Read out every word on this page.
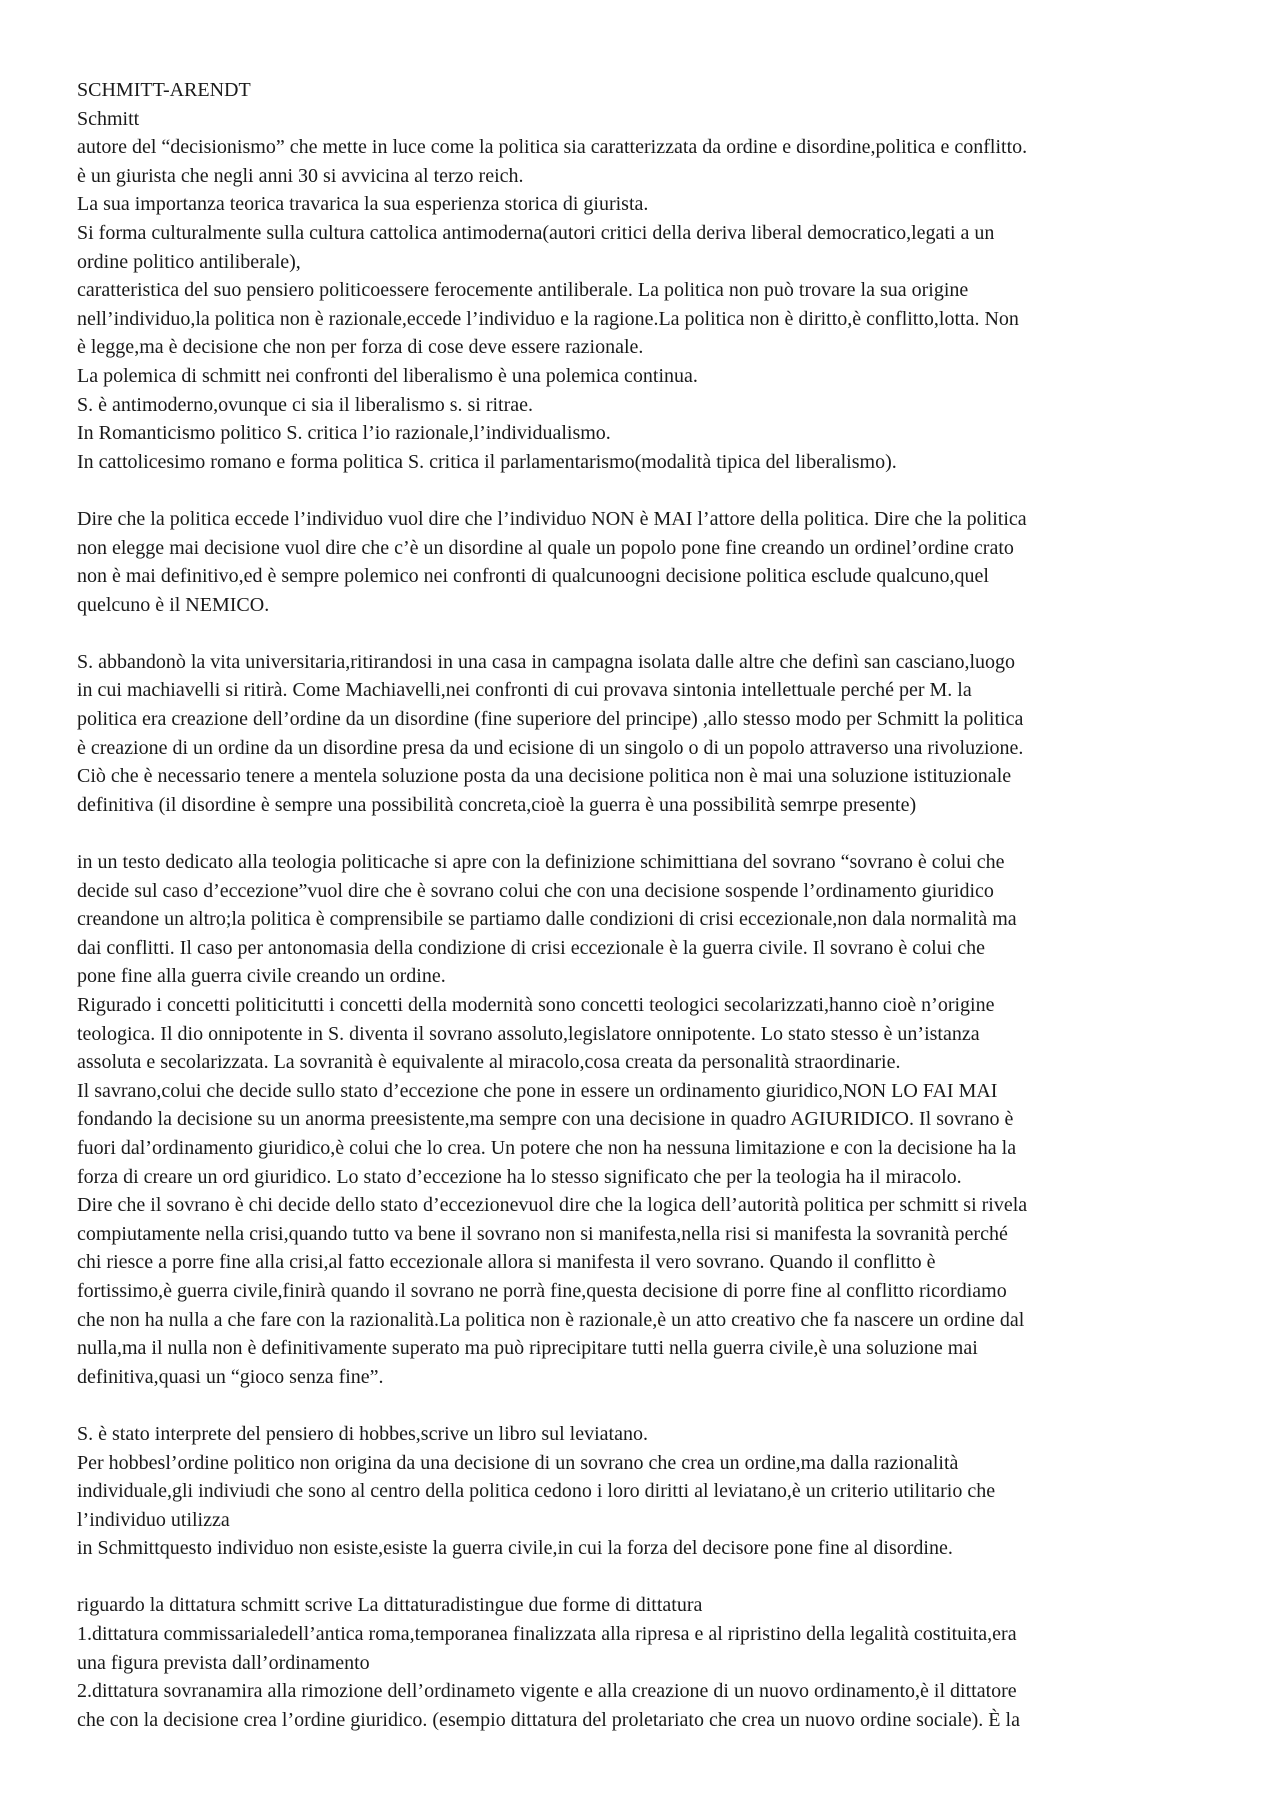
SCHMITT-ARENDT
Schmitt
autore del “decisionismo” che mette in luce come la politica sia caratterizzata da ordine e disordine,politica e conflitto.
è un giurista che negli anni 30 si avvicina al terzo reich.
La sua importanza teorica travarica la sua esperienza storica di giurista.
Si forma culturalmente sulla cultura cattolica antimoderna(autori critici della deriva liberal democratico,legati a un
ordine politico antiliberale),
caratteristica del suo pensiero politicoessere ferocemente antiliberale. La politica non può trovare la sua origine
nell’individuo,la politica non è razionale,eccede l’individuo e la ragione.La politica non è diritto,è conflitto,lotta. Non
è legge,ma è decisione che non per forza di cose deve essere razionale.
La polemica di schmitt nei confronti del liberalismo è una polemica continua.
S. è antimoderno,ovunque ci sia il liberalismo s. si ritrae.
In Romanticismo politico S. critica l’io razionale,l’individualismo.
In cattolicesimo romano e forma politica S. critica il parlamentarismo(modalità tipica del liberalismo).
Dire che la politica eccede l’individuo vuol dire che l’individuo NON è MAI l’attore della politica. Dire che la politica
non elegge mai decisione vuol dire che c’è un disordine al quale un popolo pone fine creando un ordinel’ordine crato
non è mai definitivo,ed è sempre polemico nei confronti di qualcunoogni decisione politica esclude qualcuno,quel
quelcuno è il NEMICO.
S. abbandonò la vita universitaria,ritirandosi in una casa in campagna isolata dalle altre che definì san casciano,luogo
in cui machiavelli si ritirà. Come Machiavelli,nei confronti di cui provava sintonia intellettuale perché per M. la
politica era creazione dell’ordine da un disordine (fine superiore del principe) ,allo stesso modo per Schmitt la politica
è creazione di un ordine da un disordine presa da und ecisione di un singolo o di un popolo attraverso una rivoluzione.
Ciò che è necessario tenere a mentela soluzione posta da una decisione politica non è mai una soluzione istituzionale
definitiva (il disordine è sempre una possibilità concreta,cioè la guerra è una possibilità semrpe presente)
in un testo dedicato alla teologia politicache si apre con la definizione schimittiana del sovrano “sovrano è colui che
decide sul caso d’eccezione”vuol dire che è sovrano colui che con una decisione sospende l’ordinamento giuridico
creandone un altro;la politica è comprensibile se partiamo dalle condizioni di crisi eccezionale,non dala normalità ma
dai conflitti. Il caso per antonomasia della condizione di crisi eccezionale è la guerra civile. Il sovrano è colui che
pone fine alla guerra civile creando un ordine.
Rigurado i concetti politicitutti i concetti della modernità sono concetti teologici secolarizzati,hanno cioè n’origine
teologica. Il dio onnipotente in S. diventa il sovrano assoluto,legislatore onnipotente. Lo stato stesso è un’istanza
assoluta e secolarizzata. La sovranità è equivalente al miracolo,cosa creata da personalità straordinarie.
Il savrano,colui che decide sullo stato d’eccezione che pone in essere un ordinamento giuridico,NON LO FAI MAI
fondando la decisione su un anorma preesistente,ma sempre con una decisione in quadro AGIURIDICO. Il sovrano è
fuori dal’ordinamento giuridico,è colui che lo crea. Un potere che non ha nessuna limitazione e con la decisione ha la
forza di creare un ord giuridico. Lo stato d’eccezione ha lo stesso significato che per la teologia ha il miracolo.
Dire che il sovrano è chi decide dello stato d’eccezionevuol dire che la logica dell’autorità politica per schmitt si rivela
compiutamente nella crisi,quando tutto va bene il sovrano non si manifesta,nella risi si manifesta la sovranità perché
chi riesce a porre fine alla crisi,al fatto eccezionale allora si manifesta il vero sovrano. Quando il conflitto è
fortissimo,è guerra civile,finirà quando il sovrano ne porrà fine,questa decisione di porre fine al conflitto ricordiamo
che non ha nulla a che fare con la razionalità.La politica non è razionale,è un atto creativo che fa nascere un ordine dal
nulla,ma il nulla non è definitivamente superato ma può riprecipitare tutti nella guerra civile,è una soluzione mai
definitiva,quasi un “gioco senza fine”.
S. è stato interprete del pensiero di hobbes,scrive un libro sul leviatano.
Per hobbesl’ordine politico non origina da una decisione di un sovrano che crea un ordine,ma dalla razionalità
individuale,gli indiviudi che sono al centro della politica cedono i loro diritti al leviatano,è un criterio utilitario che
l’individuo utilizza
in Schmittquesto individuo non esiste,esiste la guerra civile,in cui la forza del decisore pone fine al disordine.
riguardo la dittatura schmitt scrive La dittaturadistingue due forme di dittatura
1.dittatura commissarialedell’antica roma,temporanea finalizzata alla ripresa e al ripristino della legalità costituita,era
una figura prevista dall’ordinamento
2.dittatura sovranamira alla rimozione dell’ordinameto vigente e alla creazione di un nuovo ordinamento,è il dittatore
che con la decisione crea l’ordine giuridico. (esempio dittatura del proletariato che crea un nuovo ordine sociale). È la
